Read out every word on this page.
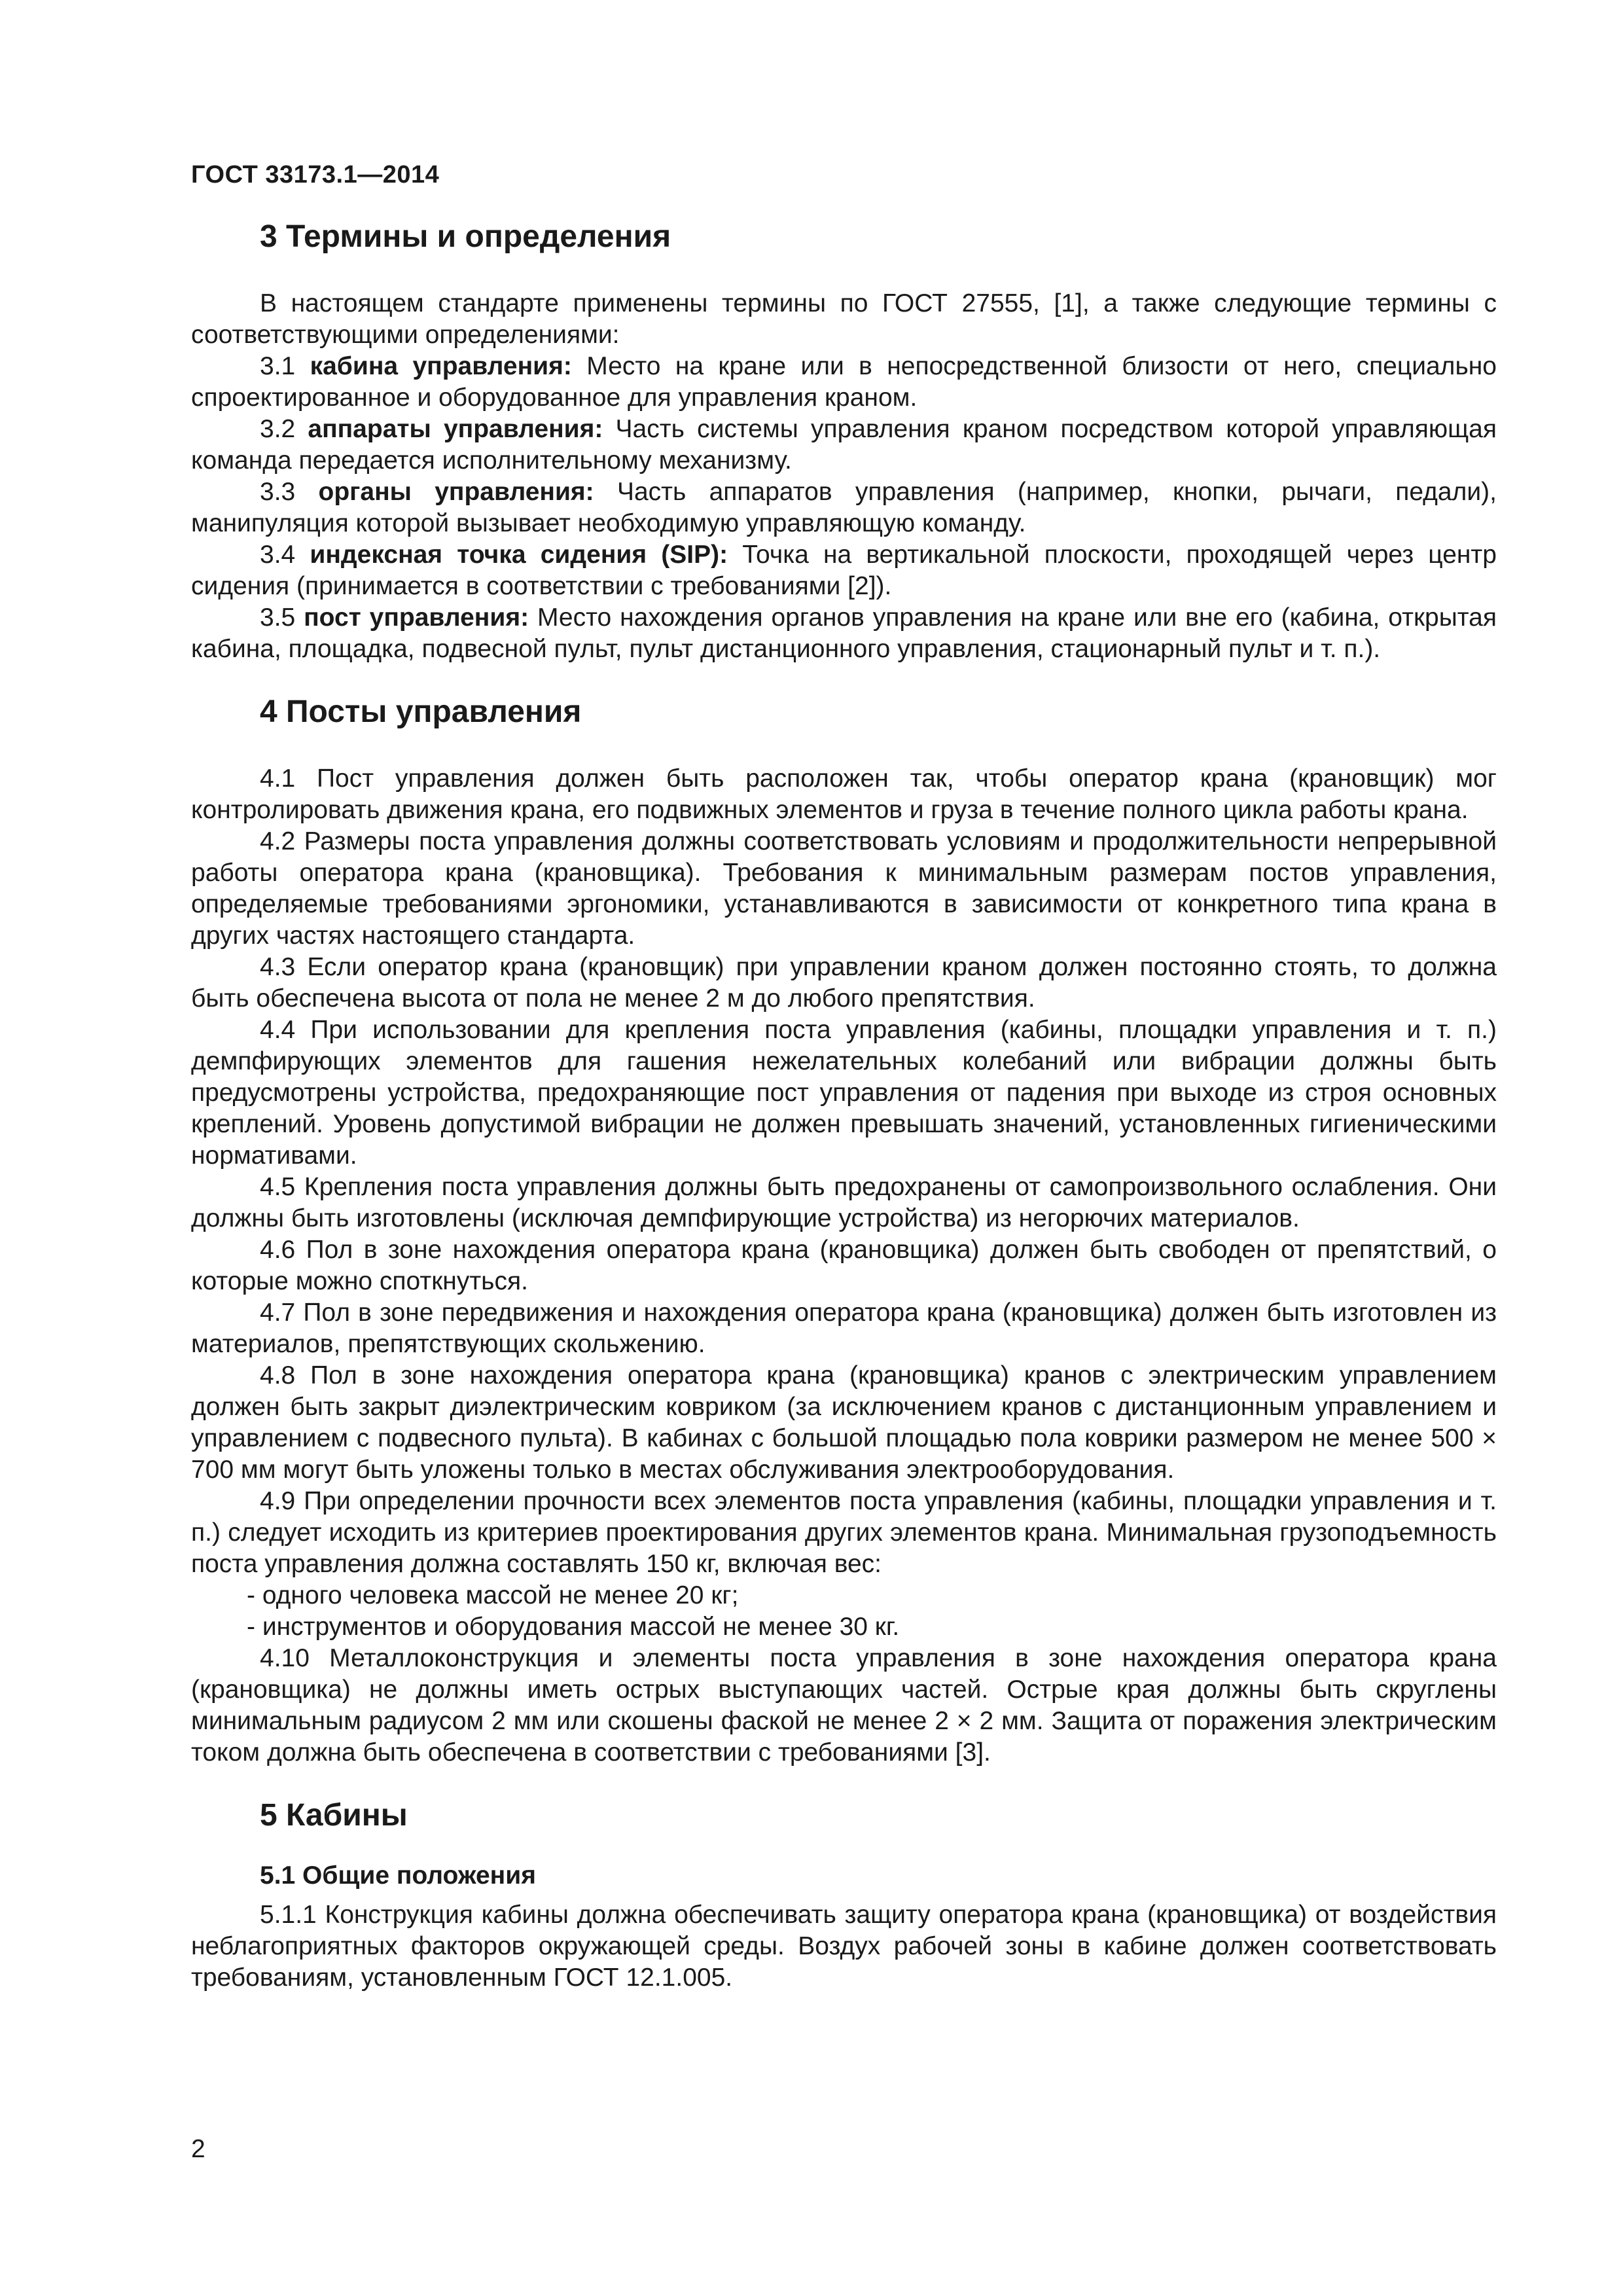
ГОСТ 33173.1—2014
3 Термины и определения

В настоящем стандарте применены термины по ГОСТ 27555, [1], а также следующие термины с соответствующими определениями:

3.1 кабина управления: Место на кране или в непосредственной близости от него, специально спроектированное и оборудованное для управления краном.

3.2 аппараты управления: Часть системы управления краном посредством которой управляющая команда передается исполнительному механизму.

3.3 органы управления: Часть аппаратов управления (например, кнопки, рычаги, педали), манипуляция которой вызывает необходимую управляющую команду.

3.4 индексная точка сидения (SIP): Точка на вертикальной плоскости, проходящей через центр сидения (принимается в соответствии с требованиями [2]).

3.5 пост управления: Место нахождения органов управления на кране или вне его (кабина, открытая кабина, площадка, подвесной пульт, пульт дистанционного управления, стационарный пульт и т. п.).

4 Посты управления

4.1 Пост управления должен быть расположен так, чтобы оператор крана (крановщик) мог контролировать движения крана, его подвижных элементов и груза в течение полного цикла работы крана.

4.2 Размеры поста управления должны соответствовать условиям и продолжительности непрерывной работы оператора крана (крановщика). Требования к минимальным размерам постов управления, определяемые требованиями эргономики, устанавливаются в зависимости от конкретного типа крана в других частях настоящего стандарта.

4.3 Если оператор крана (крановщик) при управлении краном должен постоянно стоять, то должна быть обеспечена высота от пола не менее 2 м до любого препятствия.

4.4 При использовании для крепления поста управления (кабины, площадки управления и т. п.) демпфирующих элементов для гашения нежелательных колебаний или вибрации должны быть предусмотрены устройства, предохраняющие пост управления от падения при выходе из строя основных креплений. Уровень допустимой вибрации не должен превышать значений, установленных гигиеническими нормативами.

4.5 Крепления поста управления должны быть предохранены от самопроизвольного ослабления. Они должны быть изготовлены (исключая демпфирующие устройства) из негорючих материалов.

4.6 Пол в зоне нахождения оператора крана (крановщика) должен быть свободен от препятствий, о которые можно споткнуться.

4.7 Пол в зоне передвижения и нахождения оператора крана (крановщика) должен быть изготовлен из материалов, препятствующих скольжению.

4.8 Пол в зоне нахождения оператора крана (крановщика) кранов с электрическим управлением должен быть закрыт диэлектрическим ковриком (за исключением кранов с дистанционным управлением и управлением с подвесного пульта). В кабинах с большой площадью пола коврики размером не менее 500 × 700 мм могут быть уложены только в местах обслуживания электрооборудования.

4.9 При определении прочности всех элементов поста управления (кабины, площадки управления и т. п.) следует исходить из критериев проектирования других элементов крана. Минимальная грузоподъемность поста управления должна составлять 150 кг, включая вес:

- одного человека массой не менее 20 кг;

- инструментов и оборудования массой не менее 30 кг.

4.10 Металлоконструкция и элементы поста управления в зоне нахождения оператора крана (крановщика) не должны иметь острых выступающих частей. Острые края должны быть скруглены минимальным радиусом 2 мм или скошены фаской не менее 2 × 2 мм. Защита от поражения электрическим током должна быть обеспечена в соответствии с требованиями [3].

5 Кабины
5.1 Общие положения

5.1.1 Конструкция кабины должна обеспечивать защиту оператора крана (крановщика) от воздействия неблагоприятных факторов окружающей среды. Воздух рабочей зоны в кабине должен соответствовать требованиям, установленным ГОСТ 12.1.005.

2
